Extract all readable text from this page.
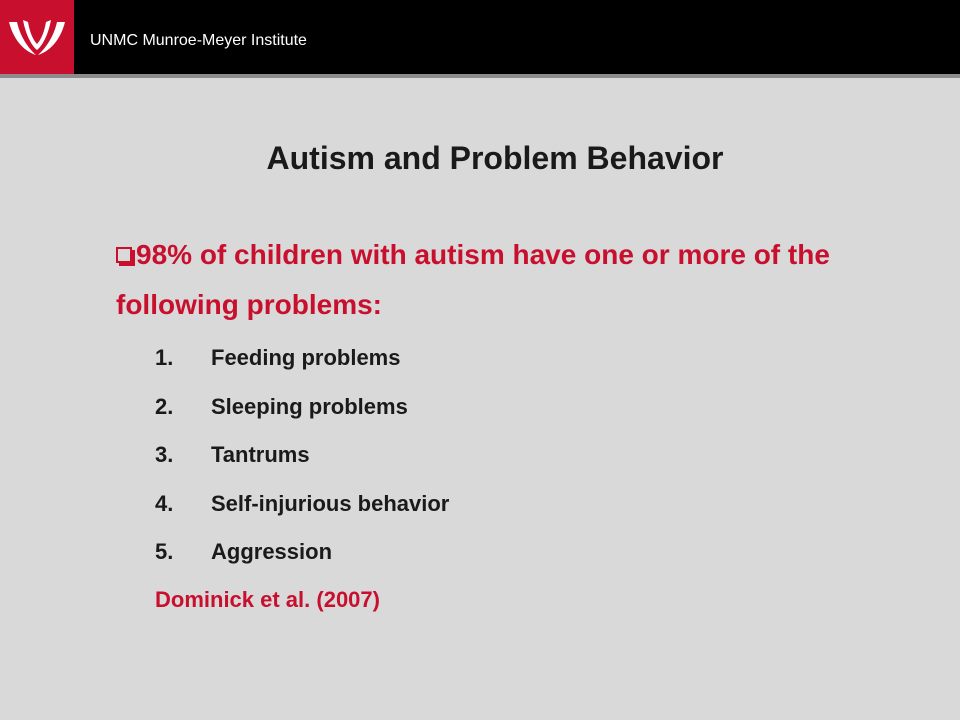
UNMC Munroe-Meyer Institute
Autism and Problem Behavior
98% of children with autism have one or more of the following problems:
1. Feeding problems
2. Sleeping problems
3. Tantrums
4. Self-injurious behavior
5. Aggression
Dominick et al. (2007)
